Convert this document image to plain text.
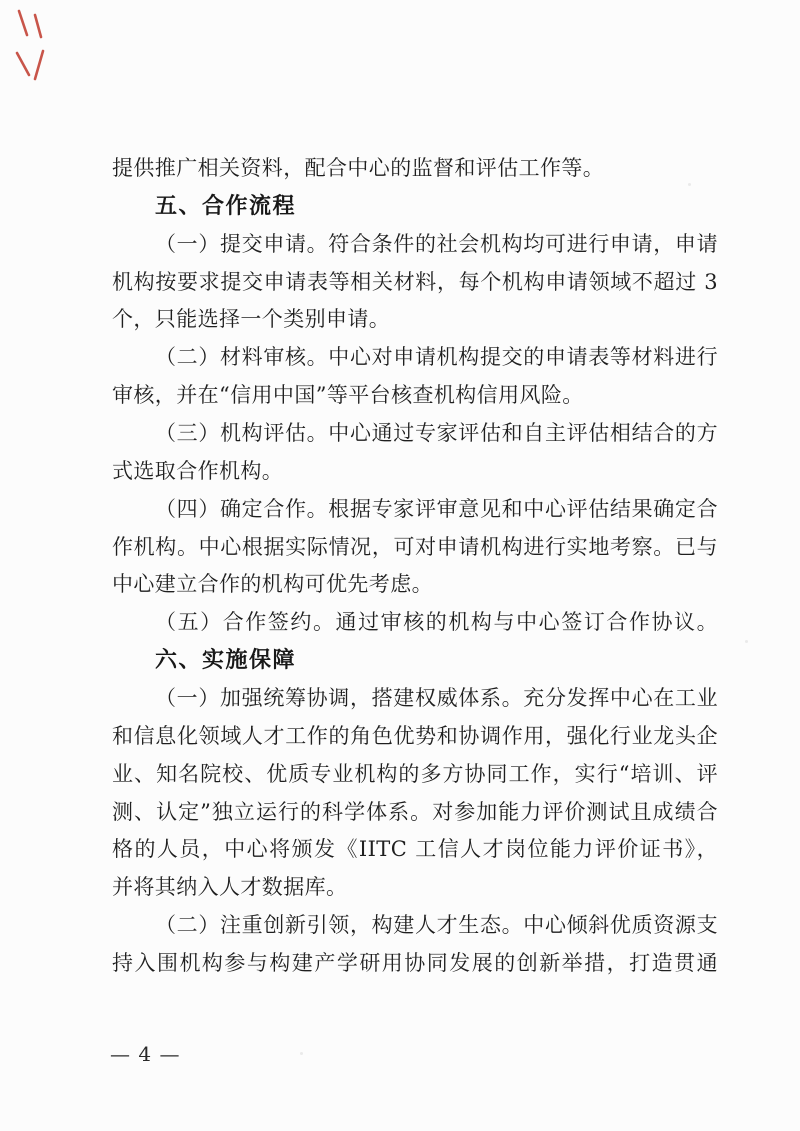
提供推广相关资料，配合中心的监督和评估工作等。
五、合作流程
（一）提交申请。符合条件的社会机构均可进行申请，申请
机构按要求提交申请表等相关材料，每个机构申请领域不超过 3
个，只能选择一个类别申请。
（二）材料审核。中心对申请机构提交的申请表等材料进行
审核，并在“信用中国”等平台核查机构信用风险。
（三）机构评估。中心通过专家评估和自主评估相结合的方
式选取合作机构。
（四）确定合作。根据专家评审意见和中心评估结果确定合
作机构。中心根据实际情况，可对申请机构进行实地考察。已与
中心建立合作的机构可优先考虑。
（五）合作签约。通过审核的机构与中心签订合作协议。
六、实施保障
（一）加强统筹协调，搭建权威体系。充分发挥中心在工业
和信息化领域人才工作的角色优势和协调作用，强化行业龙头企
业、知名院校、优质专业机构的多方协同工作，实行“培训、评
测、认定”独立运行的科学体系。对参加能力评价测试且成绩合
格的人员，中心将颁发《IITC 工信人才岗位能力评价证书》，
并将其纳入人才数据库。
（二）注重创新引领，构建人才生态。中心倾斜优质资源支
持入围机构参与构建产学研用协同发展的创新举措，打造贯通
— 4 —
